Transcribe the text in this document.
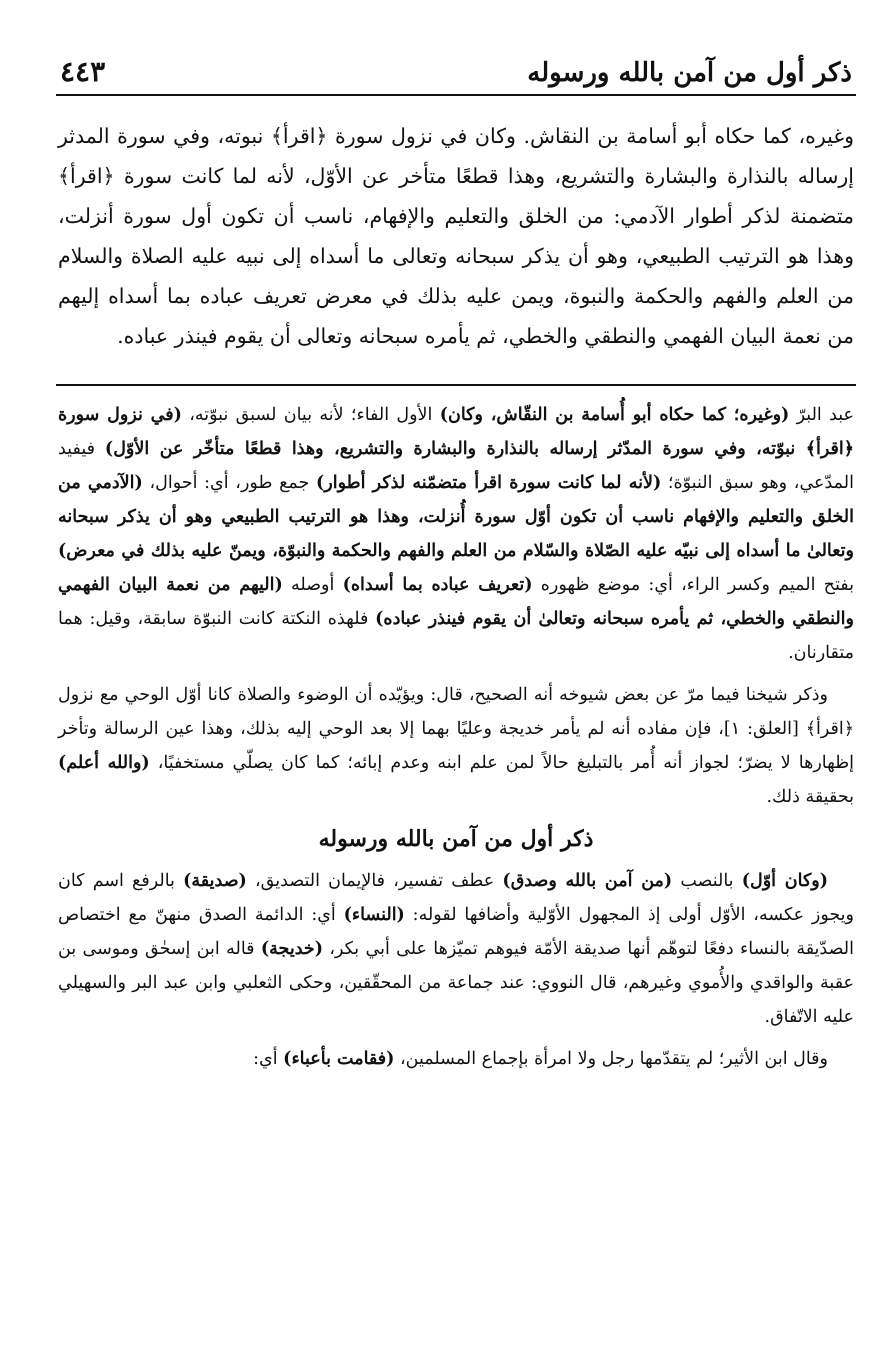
ذكر أول من آمن بالله ورسوله
٤٤٣
وغيره، كما حكاه أبو أسامة بن النقاش. وكان في نزول سورة ﴿اقرأ﴾ نبوته، وفي سورة المدثر إرساله بالنذارة والبشارة والتشريع، وهذا قطعًا متأخر عن الأوّل، لأنه لما كانت سورة ﴿اقرأ﴾ متضمنة لذكر أطوار الآدمي: من الخلق والتعليم والإفهام، ناسب أن تكون أول سورة أنزلت، وهذا هو الترتيب الطبيعي، وهو أن يذكر سبحانه وتعالى ما أسداه إلى نبيه عليه الصلاة والسلام من العلم والفهم والحكمة والنبوة، ويمن عليه بذلك في معرض تعريف عباده بما أسداه إليهم من نعمة البيان الفهمي والنطقي والخطي، ثم يأمره سبحانه وتعالى أن يقوم فينذر عباده.

عبد البرّ (وغيره؛ كما حكاه أبو أُسامة بن النقّاش، وكان) الأول الفاء؛ لأنه بيان لسبق نبوّته، (في نزول سورة ﴿اقرأ﴾ نبوّته، وفي سورة المدّثر إرساله بالنذارة والبشارة والتشريع، وهذا قطعًا متأخّر عن الأوّل) فيفيد المدّعي، وهو سبق النبوّة؛ (لأنه لما كانت سورة اقرأ متضمّنه لذكر أطوار) جمع طور، أي: أحوال، (الآدمي من الخلق والتعليم والإفهام ناسب أن تكون أوّل سورة أُنزلت، وهذا هو الترتيب الطبيعي وهو أن يذكر سبحانه وتعالىٰ ما أسداه إلى نبيّه عليه الصّلاة والسّلام من العلم والفهم والحكمة والنبوّة، ويمنّ عليه بذلك في معرض) بفتح الميم وكسر الراء، أي: موضع ظهوره (تعريف عباده بما أسداه) أوصله (اليهم من نعمة البيان الفهمي والنطقي والخطي، ثم يأمره سبحانه وتعالىٰ أن يقوم فينذر عباده) فلهذه النكتة كانت النبوّة سابقة، وقيل: هما متقارنان.

وذكر شيخنا فيما مرّ عن بعض شيوخه أنه الصحيح، قال: ويؤيّده أن الوضوء والصلاة كانا أوّل الوحي مع نزول ﴿اقرأ﴾ [العلق: ١]، فإن مفاده أنه لم يأمر خديجة وعليًا بهما إلا بعد الوحي إليه بذلك، وهذا عين الرسالة وتأخر إظهارها لا يضرّ؛ لجواز أنه أُمر بالتبليغ حالاً لمن علم ابنه وعدم إبائه؛ كما كان يصلّي مستخفيًا، (والله أعلم) بحقيقة ذلك.

ذكر أول من آمن بالله ورسوله

(وكان أوّل) بالنصب (من آمن بالله وصدق) عطف تفسير، فالإيمان التصديق، (صديقة) بالرفع اسم كان ويجوز عكسه، الأوّل أولى إذ المجهول الأوّلية وأضافها لقوله: (النساء) أي: الدائمة الصدق منهنّ مع اختصاص الصدّيقة بالنساء دفعًا لتوهّم أنها صديقة الأمّة فيوهم تميّزها على أبي بكر، (خديجة) قاله ابن إسحٰق وموسى بن عقبة والواقدي والأُموي وغيرهم، قال النووي: عند جماعة من المحقّقين، وحكى الثعلبي وابن عبد البر والسهيلي عليه الاتّفاق.

وقال ابن الأثير؛ لم يتقدّمها رجل ولا امرأة بإجماع المسلمين، (فقامت بأعباء) أي:
